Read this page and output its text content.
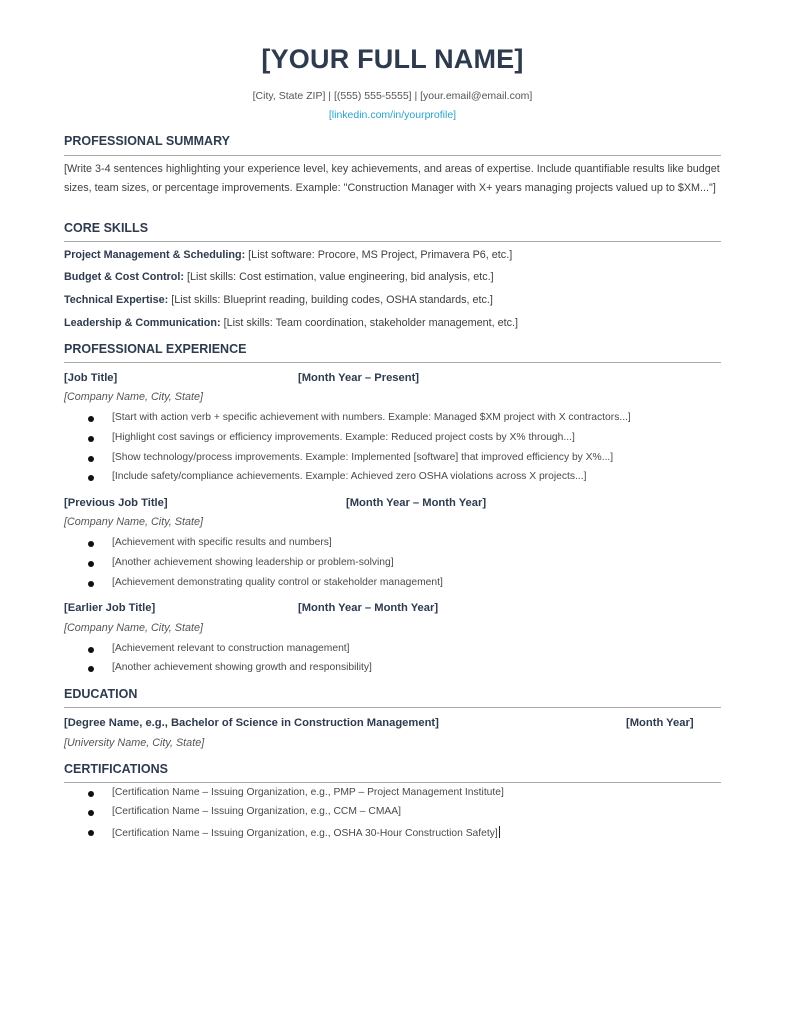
[YOUR FULL NAME]
[City, State ZIP] | [(555) 555-5555] | [your.email@email.com]
[linkedin.com/in/yourprofile]
PROFESSIONAL SUMMARY
[Write 3-4 sentences highlighting your experience level, key achievements, and areas of expertise. Include quantifiable results like budget sizes, team sizes, or percentage improvements. Example: "Construction Manager with X+ years managing projects valued up to $XM..."]
CORE SKILLS
Project Management & Scheduling: [List software: Procore, MS Project, Primavera P6, etc.]
Budget & Cost Control: [List skills: Cost estimation, value engineering, bid analysis, etc.]
Technical Expertise: [List skills: Blueprint reading, building codes, OSHA standards, etc.]
Leadership & Communication: [List skills: Team coordination, stakeholder management, etc.]
PROFESSIONAL EXPERIENCE
[Job Title]	[Month Year – Present]
[Company Name, City, State]
[Start with action verb + specific achievement with numbers. Example: Managed $XM project with X contractors...]
[Highlight cost savings or efficiency improvements. Example: Reduced project costs by X% through...]
[Show technology/process improvements. Example: Implemented [software] that improved efficiency by X%...]
[Include safety/compliance achievements. Example: Achieved zero OSHA violations across X projects...]
[Previous Job Title]	[Month Year – Month Year]
[Company Name, City, State]
[Achievement with specific results and numbers]
[Another achievement showing leadership or problem-solving]
[Achievement demonstrating quality control or stakeholder management]
[Earlier Job Title]	[Month Year – Month Year]
[Company Name, City, State]
[Achievement relevant to construction management]
[Another achievement showing growth and responsibility]
EDUCATION
[Degree Name, e.g., Bachelor of Science in Construction Management]	[Month Year]
[University Name, City, State]
CERTIFICATIONS
[Certification Name – Issuing Organization, e.g., PMP – Project Management Institute]
[Certification Name – Issuing Organization, e.g., CCM – CMAA]
[Certification Name – Issuing Organization, e.g., OSHA 30-Hour Construction Safety]
